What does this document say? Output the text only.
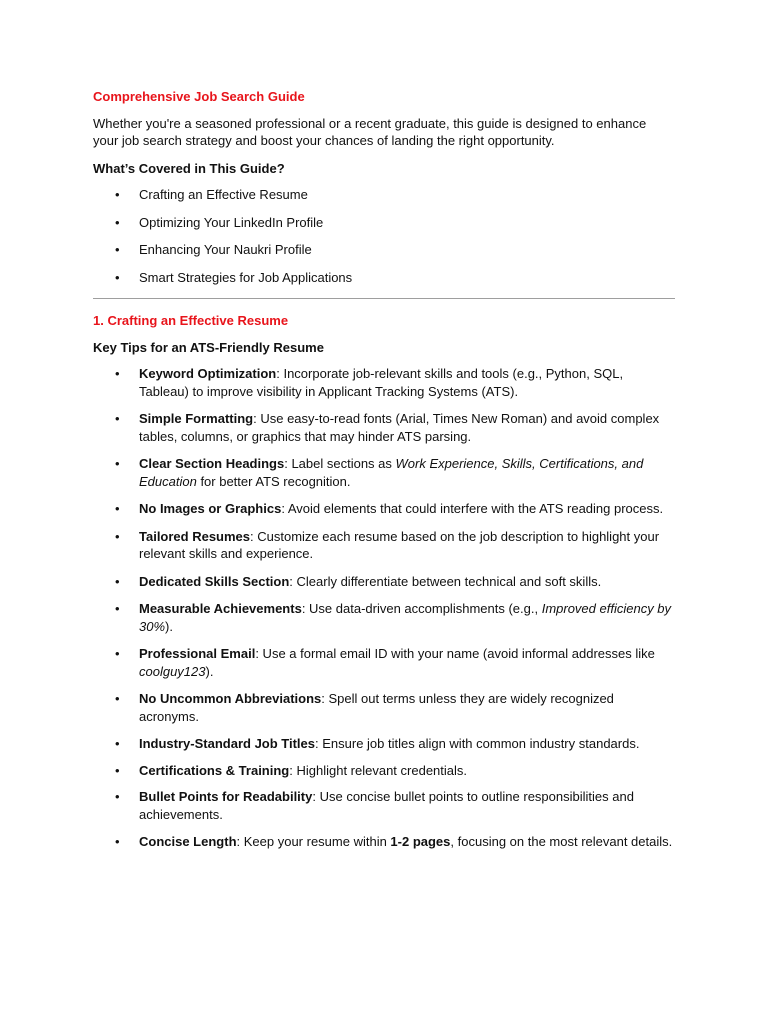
Comprehensive Job Search Guide

Whether you're a seasoned professional or a recent graduate, this guide is designed to enhance your job search strategy and boost your chances of landing the right opportunity.

What’s Covered in This Guide?
• Crafting an Effective Resume
• Optimizing Your LinkedIn Profile
• Enhancing Your Naukri Profile
• Smart Strategies for Job Applications
1. Crafting an Effective Resume
Key Tips for an ATS-Friendly Resume
• Keyword Optimization: Incorporate job-relevant skills and tools (e.g., Python, SQL, Tableau) to improve visibility in Applicant Tracking Systems (ATS).
• Simple Formatting: Use easy-to-read fonts (Arial, Times New Roman) and avoid complex tables, columns, or graphics that may hinder ATS parsing.
• Clear Section Headings: Label sections as Work Experience, Skills, Certifications, and Education for better ATS recognition.
• No Images or Graphics: Avoid elements that could interfere with the ATS reading process.
• Tailored Resumes: Customize each resume based on the job description to highlight your relevant skills and experience.
• Dedicated Skills Section: Clearly differentiate between technical and soft skills.
• Measurable Achievements: Use data-driven accomplishments (e.g., Improved efficiency by 30%).
• Professional Email: Use a formal email ID with your name (avoid informal addresses like coolguy123).
• No Uncommon Abbreviations: Spell out terms unless they are widely recognized acronyms.
• Industry-Standard Job Titles: Ensure job titles align with common industry standards.
• Certifications & Training: Highlight relevant credentials.
• Bullet Points for Readability: Use concise bullet points to outline responsibilities and achievements.
• Concise Length: Keep your resume within 1-2 pages, focusing on the most relevant details.
